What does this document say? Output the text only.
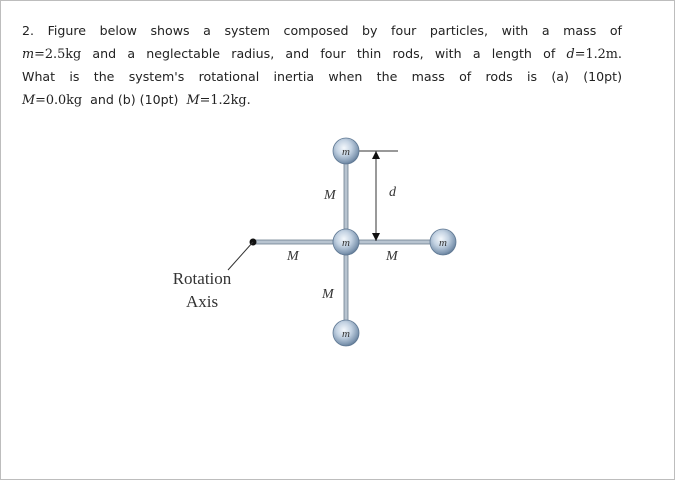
2. Figure below shows a system composed by four particles, with a mass of
m=2.5kg and a neglectable radius, and four thin rods, with a length of d=1.2m.
What is the system's rotational inertia when the mass of rods is (a) (10pt)
M=0.0kg and (b) (10pt) M=1.2kg.
d
m
m	m
m
M
M	M
M
Rotation
Axis
